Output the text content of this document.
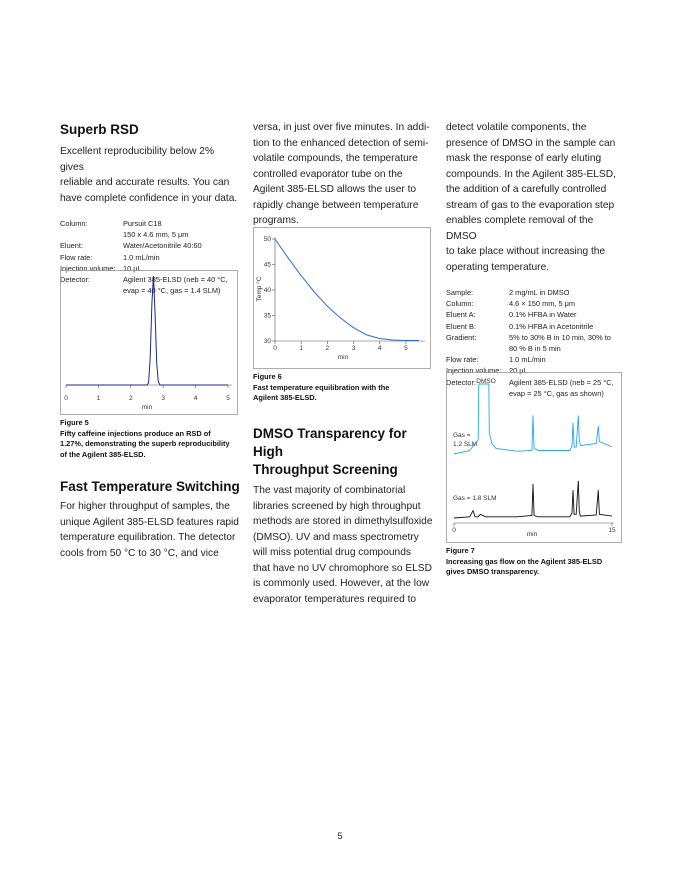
Superb RSD

Excellent reproducibility below 2% gives
reliable and accurate results. You can
have complete confidence in your data.

Column:	Pursuit C18
150 x 4.6 mm, 5 μm
Eluent:	Water/Acetonitrile 40:60
Flow rate:	1.0 mL/min
Injection volume:	10 μL
Detector:	Agilent 385-ELSD (neb = 40 °C,
evap = 40 °C, gas = 1.4 SLM)
0	1	2	3	4	5
min
Figure 5
Fifty caffeine injections produce an RSD of
1.27%, demonstrating the superb reproducibility
of the Agilent 385-ELSD.
Fast Temperature Switching

For higher throughput of samples, the
unique Agilent 385-ELSD features rapid
temperature equilibration. The detector
cools from 50 °C to 30 °C, and vice

versa, in just over five minutes. In addi-
tion to the enhanced detection of semi-
volatile compounds, the temperature
controlled evaporator tube on the
Agilent 385-ELSD allows the user to
rapidly change between temperature
programs.

0	1	2	3	4	5
30
35
40
45
50
Temp °C
min
Figure 6
Fast temperature equilibration with the
Agilent 385-ELSD.
DMSO Transparency for High
Throughput Screening

The vast majority of combinatorial
libraries screened by high throughput
methods are stored in dimethylsulfoxide
(DMSO). UV and mass spectrometry
will miss potential drug compounds
that have no UV chromophore so ELSD
is commonly used. However, at the low
evaporator temperatures required to

detect volatile components, the
presence of DMSO in the sample can
mask the response of early eluting
compounds. In the Agilent 385-ELSD,
the addition of a carefully controlled
stream of gas to the evaporation step
enables complete removal of the DMSO
to take place without increasing the
operating temperature.

Sample:	2 mg/mL in DMSO
Column:	4.6 × 150 mm, 5 μm
Eluent A:	0.1% HFBA in Water
Eluent B:	0.1% HFBA in Acetonitrile
Gradient:	5% to 30% B in 10 min, 30% to
80 % B in 5 min
Flow rate:	1.0 mL/min
Injection volume:	20 μL
Detector:	Agilent 385-ELSD (neb = 25 °C,
evap = 25 °C, gas as shown)
0	15
DMSO
Gas =
1.2 SLM
Gas = 1.8 SLM
min
Figure 7
Increasing gas flow on the Agilent 385-ELSD
gives DMSO transparency.
5
